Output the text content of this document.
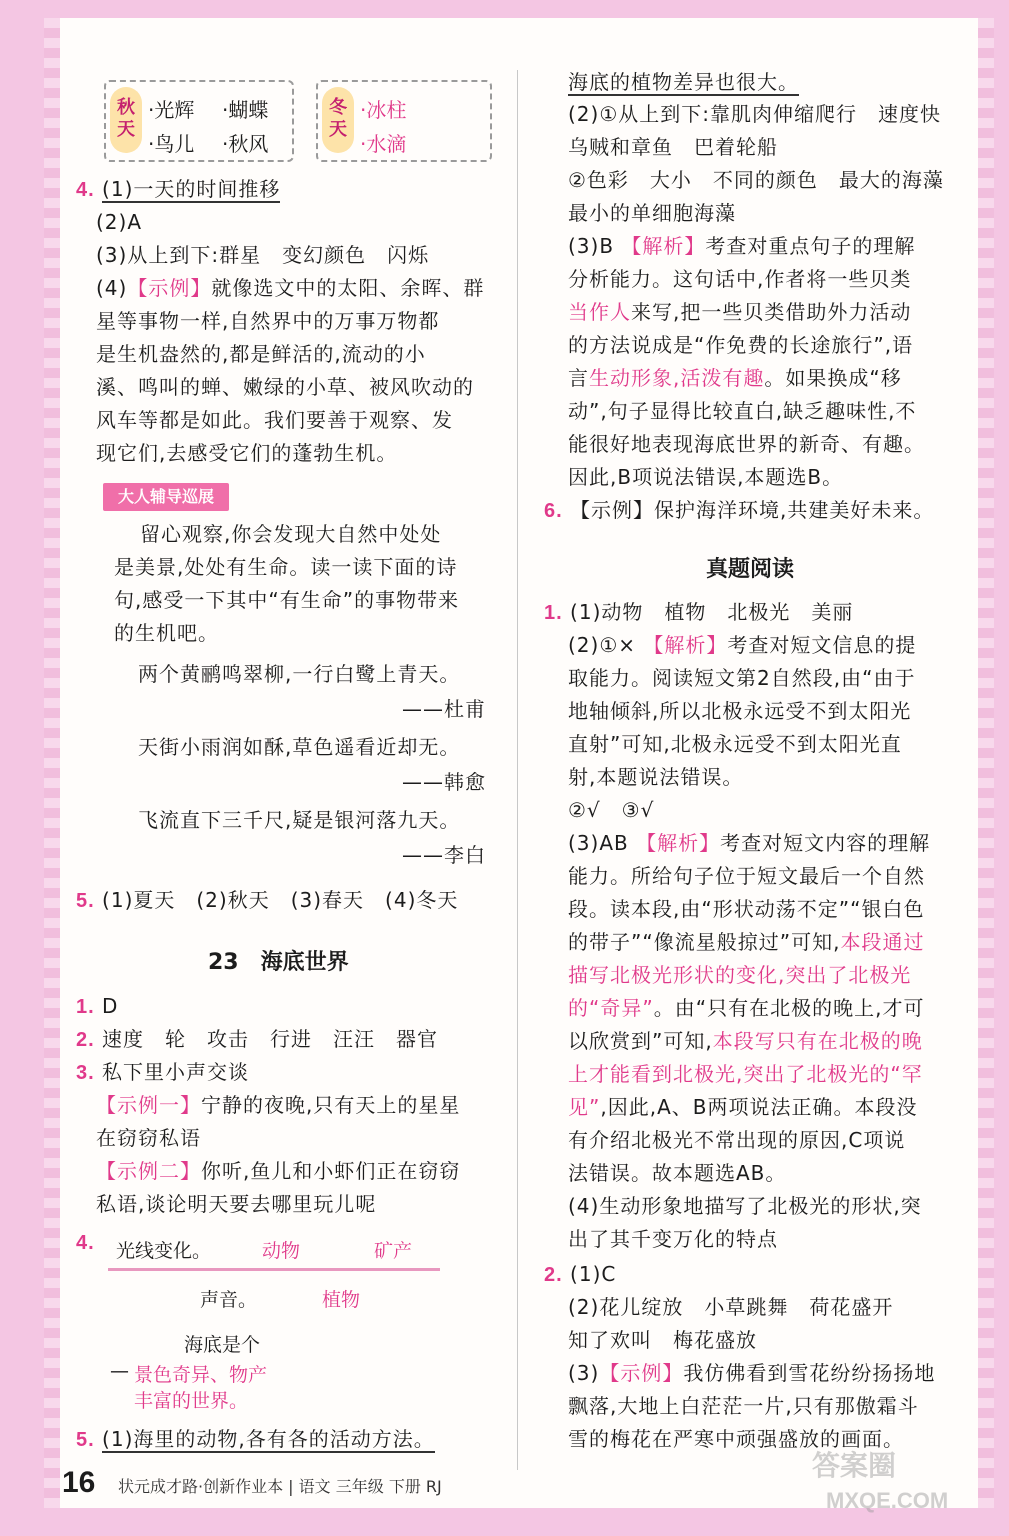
秋天
·光辉 ·蝴蝶
·鸟儿 ·秋风
冬天
·冰柱
·水滴
4. (1)一天的时间推移
(2)A
(3)从上到下:群星　变幻颜色　闪烁
(4)【示例】就像选文中的太阳、余晖、群
星等事物一样,自然界中的万事万物都
是生机盎然的,都是鲜活的,流动的小
溪、鸣叫的蝉、嫩绿的小草、被风吹动的
风车等都是如此。我们要善于观察、发
现它们,去感受它们的蓬勃生机。
大人辅导巡展
留心观察,你会发现大自然中处处
是美景,处处有生命。读一读下面的诗
句,感受一下其中“有生命”的事物带来
的生机吧。
两个黄鹂鸣翠柳,一行白鹭上青天。
——杜甫
天街小雨润如酥,草色遥看近却无。
——韩愈
飞流直下三千尺,疑是银河落九天。
——李白
5. (1)夏天　(2)秋天　(3)春天　(4)冬天
23　海底世界
1. D
2. 速度　轮　攻击　行进　汪汪　器官
3. 私下里小声交谈
【示例一】宁静的夜晚,只有天上的星星
在窃窃私语
【示例二】你听,鱼儿和小虾们正在窃窃
私语,谈论明天要去哪里玩儿呢
4. 光线变化。	动物	矿产
声音。	植物
海底是个
景色奇异、物产
—
丰富的世界。
5. (1)海里的动物,各有各的活动方法。
海底的植物差异也很大。
(2)①从上到下:靠肌肉伸缩爬行　速度快
乌贼和章鱼　巴着轮船
②色彩　大小　不同的颜色　最大的海藻
最小的单细胞海藻
(3)B 【解析】考查对重点句子的理解
分析能力。这句话中,作者将一些贝类
当作人来写,把一些贝类借助外力活动
的方法说成是“作免费的长途旅行”,语
言生动形象,活泼有趣。如果换成“移
动”,句子显得比较直白,缺乏趣味性,不
能很好地表现海底世界的新奇、有趣。
因此,B项说法错误,本题选B。
6. 【示例】保护海洋环境,共建美好未来。
真题阅读
1. (1)动物　植物　北极光　美丽
(2)①× 【解析】考查对短文信息的提
取能力。阅读短文第2自然段,由“由于
地轴倾斜,所以北极永远受不到太阳光
直射”可知,北极永远受不到太阳光直
射,本题说法错误。
②√　③√
(3)AB 【解析】考查对短文内容的理解
能力。所给句子位于短文最后一个自然
段。读本段,由“形状动荡不定”“银白色
的带子”“像流星般掠过”可知,本段通过
描写北极光形状的变化,突出了北极光
的“奇异”。由“只有在北极的晚上,才可
以欣赏到”可知,本段写只有在北极的晚
上才能看到北极光,突出了北极光的“罕
见”,因此,A、B两项说法正确。本段没
有介绍北极光不常出现的原因,C项说
法错误。故本题选AB。
(4)生动形象地描写了北极光的形状,突
出了其千变万化的特点
2. (1)C
(2)花儿绽放　小草跳舞　荷花盛开
知了欢叫　梅花盛放
(3)【示例】我仿佛看到雪花纷纷扬扬地
飘落,大地上白茫茫一片,只有那傲霜斗
雪的梅花在严寒中顽强盛放的画面。
16 状元成才路·创新作业本 | 语文 三年级 下册 RJ
答案圈
MXQE.COM
